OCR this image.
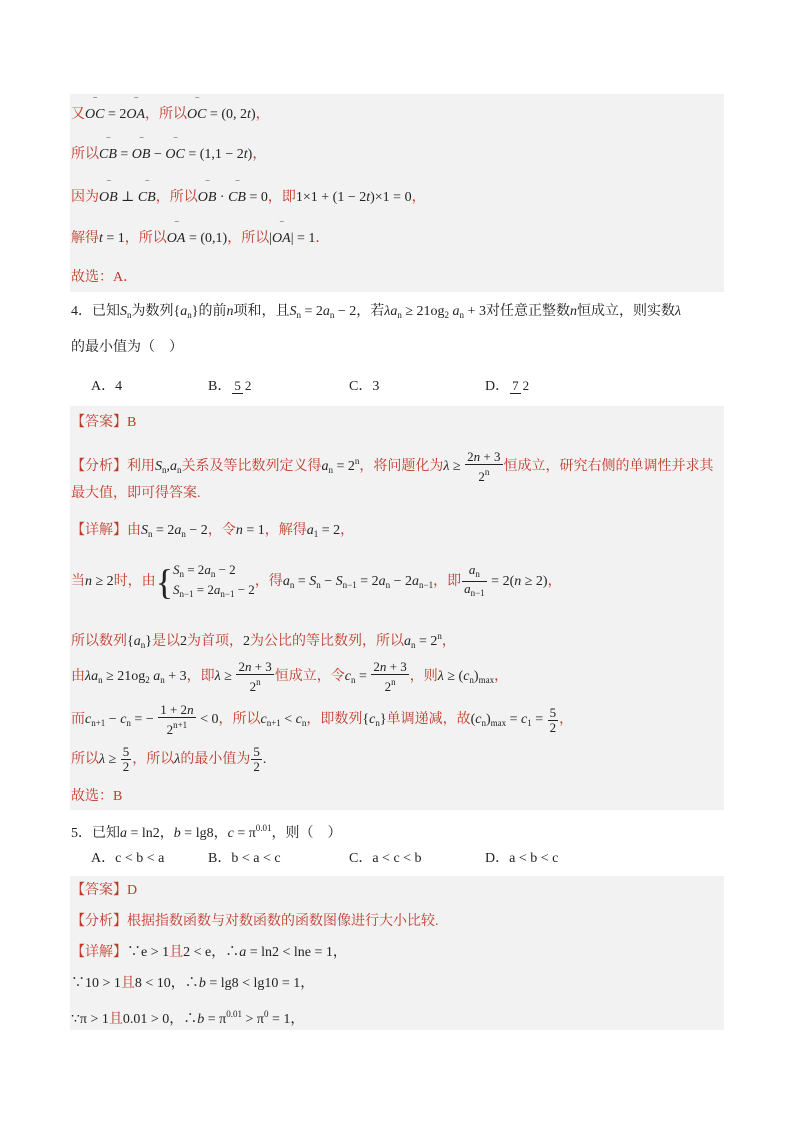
又‾ OC = 2‾ OA，所以‾ OC = (0, 2t)，
所以‾ CB = ‾ OB − ‾ OC = (1,1 − 2t)，
因为‾ OB ⊥ ‾ CB，所以‾ OB · ‾ CB = 0，即1×1 + (1 − 2t)×1 = 0，
解得t = 1，所以‾ OA = (0,1)，所以|‾ OA| = 1．
故选：A．
4．已知$S_n$为数列$\{a_n\}$的前n项和，且$S_n = 2a_n - 2$，若$\lambda a_n \ge 21og_2$ $a_n + 3$对任意正整数n恒成立，则实数λ
的最小值为（　）
A．4	B． 5 2	C．3	D． 7 2
【答案】B
【分析】利用$S_n,a_n$关系及等比数列定义得$a_n = 2^n$，将问题化为$\lambda \ge \frac{2n + 3}{2^n}$ 恒成立，研究右侧的单调性并求其
最大值，即可得答案.
【详解】由$S_n = 2a_n - 2$，令n = 1，解得$a_1 = 2$，
当n ≥ 2时，由{ $S_n = 2a_n - 2$
$S_{n-1} = 2a_{n-1} - 2$
，得$a_n = S_n - S_{n-1} = 2a_n - 2a_{n-1}$，即 $\frac{a_n}{a_{n-1}} = 2(n \ge 2)$，
所以数列$\{a_n\}$是以2为首项，2为公比的等比数列，所以$a_n = 2^n$，
由$\lambda a_n \ge 21og_2$ $a_n + 3$，即$\lambda \ge \frac{2n + 3}{2^n}$ 恒成立，令$c_n = \frac{2n + 3}{2^n}$ ，则$\lambda \ge (c_n)_{max}$，
而$c_{n+1} - c_n$ = − $\frac{1 + 2n}{2^{n+1}} < 0$，所以$c_{n+1} < c_n$，即数列$\{c_n\}$单调递减，故$(c_n)_{max} = c_1 = \frac{5}{2}$ ，
所以$\lambda \ge \frac{5}{2}$ ，所以λ的最小值为 $\frac{5}{2}$ .
故选：B
5．已知a = ln2，b = lg8，$c = \pi^{0.01}$，则（　）
A．c < b < a	B．b < a < c	C．a < c < b	D．a < b < c
【答案】D
【分析】根据指数函数与对数函数的函数图像进行大小比较.
【详解】∵e > 1且2 < e，∴a = ln2 < lne = 1，
∵10 > 1且8 < 10，∴b = lg8 < lg10 = 1，
∵π > 1且0.01 > 0，∴b = $\pi^{0.01} > \pi^0 = 1$，
